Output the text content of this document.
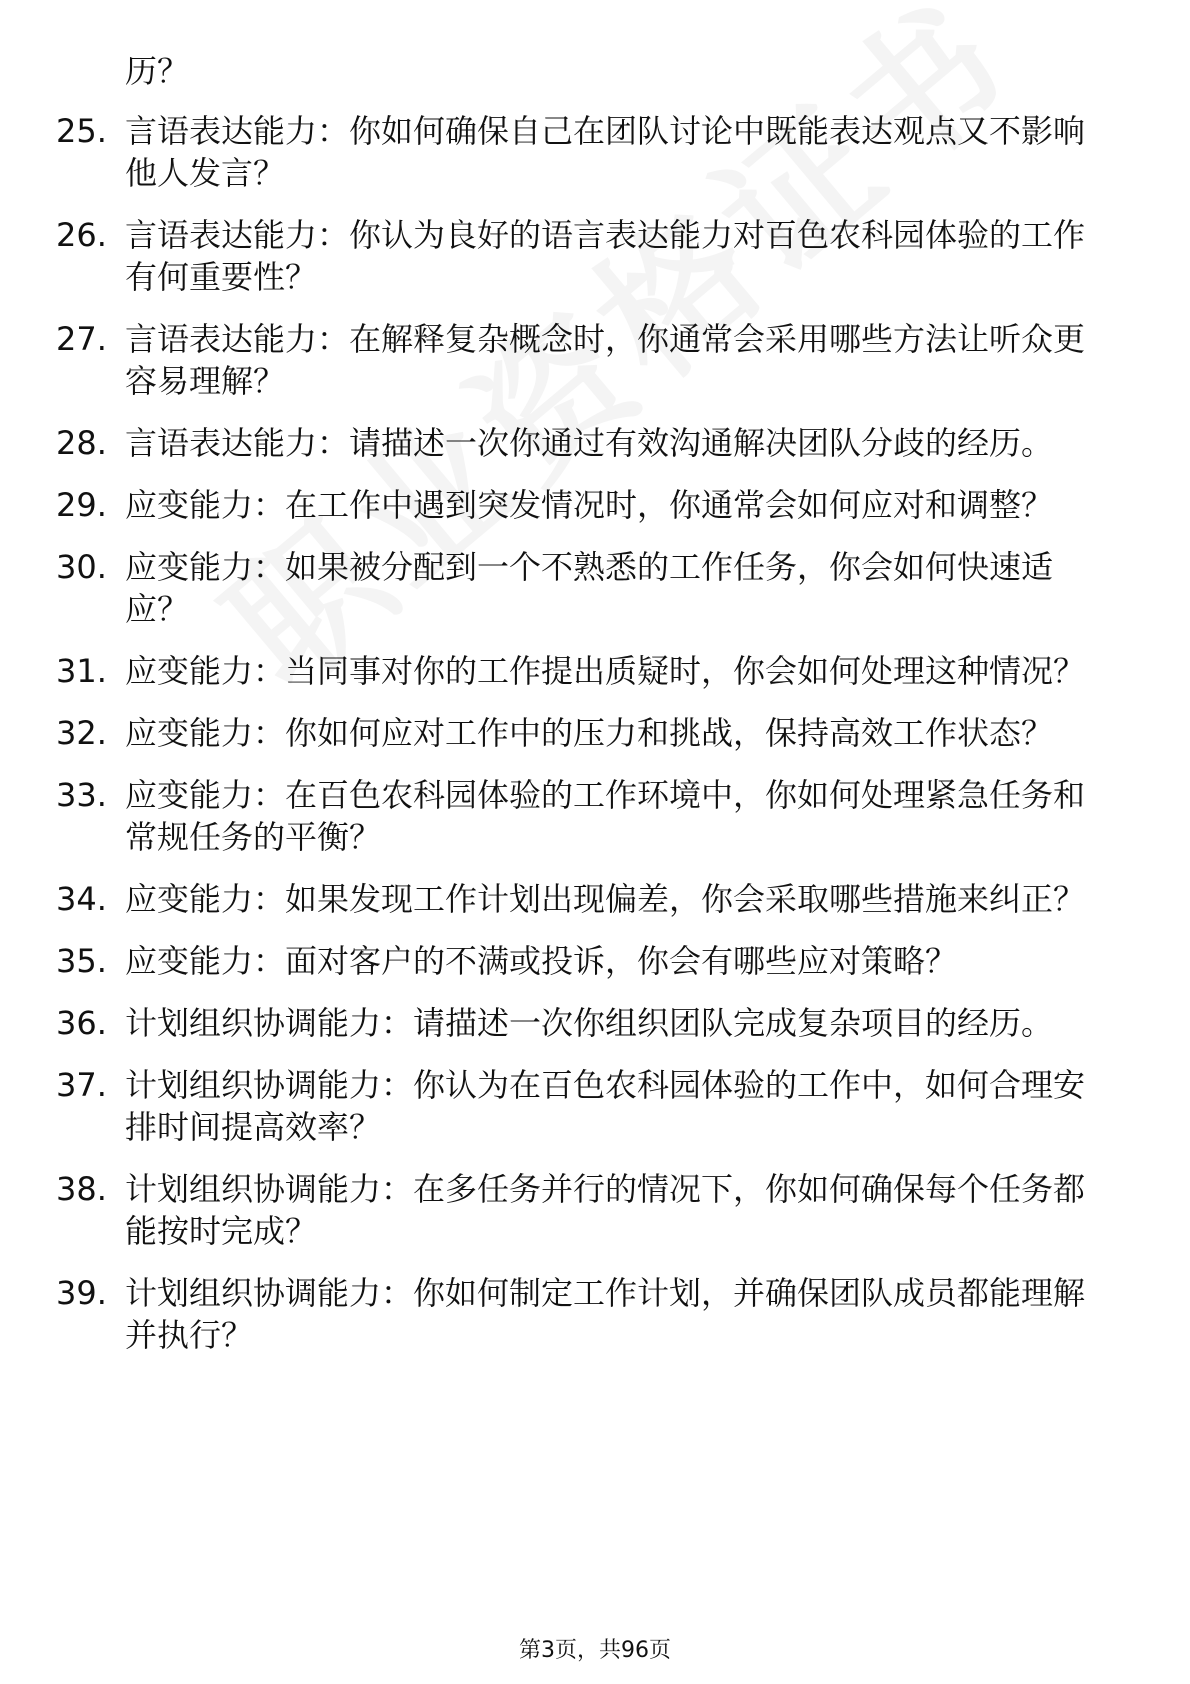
历？
25. 言语表达能力：你如何确保自己在团队讨论中既能表达观点又不影响他人发言？
26. 言语表达能力：你认为良好的语言表达能力对百色农科园体验的工作有何重要性？
27. 言语表达能力：在解释复杂概念时，你通常会采用哪些方法让听众更容易理解？
28. 言语表达能力：请描述一次你通过有效沟通解决团队分歧的经历。
29. 应变能力：在工作中遇到突发情况时，你通常会如何应对和调整？
30. 应变能力：如果被分配到一个不熟悉的工作任务，你会如何快速适应？
31. 应变能力：当同事对你的工作提出质疑时，你会如何处理这种情况？
32. 应变能力：你如何应对工作中的压力和挑战，保持高效工作状态？
33. 应变能力：在百色农科园体验的工作环境中，你如何处理紧急任务和常规任务的平衡？
34. 应变能力：如果发现工作计划出现偏差，你会采取哪些措施来纠正？
35. 应变能力：面对客户的不满或投诉，你会有哪些应对策略？
36. 计划组织协调能力：请描述一次你组织团队完成复杂项目的经历。
37. 计划组织协调能力：你认为在百色农科园体验的工作中，如何合理安排时间提高效率？
38. 计划组织协调能力：在多任务并行的情况下，你如何确保每个任务都能按时完成？
39. 计划组织协调能力：你如何制定工作计划，并确保团队成员都能理解并执行？
第3页，共96页
